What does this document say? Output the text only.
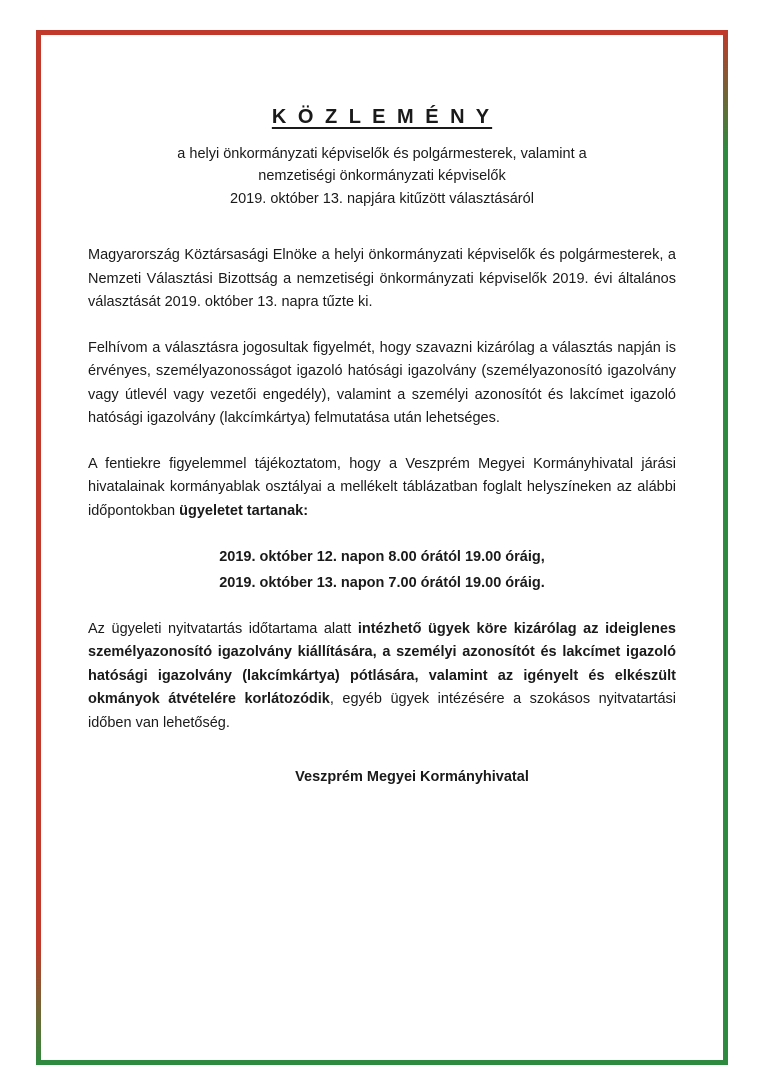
K Ö Z L E M É N Y
a helyi önkormányzati képviselők és polgármesterek, valamint a
nemzetiségi önkormányzati képviselők
2019. október 13. napjára kitűzött választásáról

Magyarország Köztársasági Elnöke a helyi önkormányzati képviselők és polgármesterek, a Nemzeti Választási Bizottság a nemzetiségi önkormányzati képviselők 2019. évi általános választását 2019. október 13. napra tűzte ki.

Felhívom a választásra jogosultak figyelmét, hogy szavazni kizárólag a választás napján is érvényes, személyazonosságot igazoló hatósági igazolvány (személyazonosító igazolvány vagy útlevél vagy vezetői engedély), valamint a személyi azonosítót és lakcímet igazoló hatósági igazolvány (lakcímkártya) felmutatása után lehetséges.

A fentiekre figyelemmel tájékoztatom, hogy a Veszprém Megyei Kormányhivatal járási hivatalainak kormányablak osztályai a mellékelt táblázatban foglalt helyszíneken az alábbi időpontokban ügyeletet tartanak:

2019. október 12. napon 8.00 órától 19.00 óráig,
2019. október 13. napon 7.00 órától 19.00 óráig.

Az ügyeleti nyitvatartás időtartama alatt intézhető ügyek köre kizárólag az ideiglenes személyazonosító igazolvány kiállítására, a személyi azonosítót és lakcímet igazoló hatósági igazolvány (lakcímkártya) pótlására, valamint az igényelt és elkészült okmányok átvételére korlátozódik, egyéb ügyek intézésére a szokásos nyitvatartási időben van lehetőség.

Veszprém Megyei Kormányhivatal
